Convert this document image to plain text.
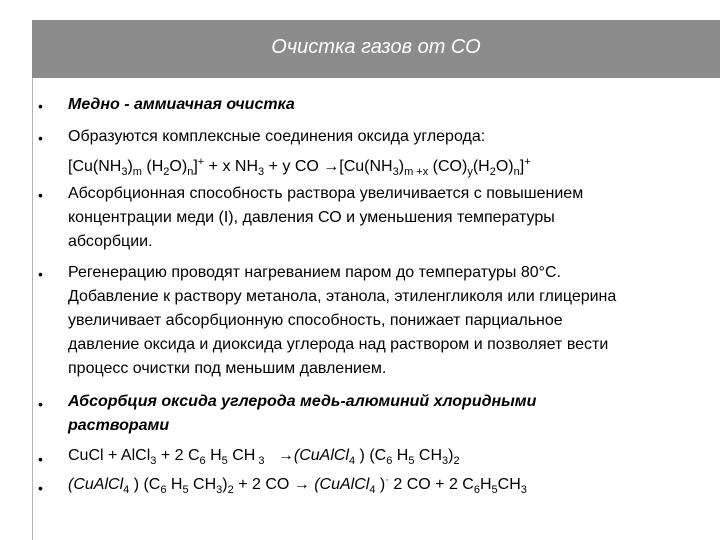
Очистка газов от СО
• Медно - аммиачная очистка
• Образуются комплексные соединения оксида углерода:
[$Cu(NH_3)_m$ $(H_2O)_n]^+ + x$ $NH_3 + y$ CO $\to[Cu(NH_3)_{m +x}$ $(CO)_y(H_2O)_n]^+$
• Абсорбционная способность раствора увеличивается с повышением
концентрации меди (I), давления СО и уменьшения температуры
абсорбции.
• Регенерацию проводят нагреванием паром до температуры 80°С.
Добавление к раствору метанола, этанола, этиленгликоля или глицерина
увеличивает абсорбционную способность, понижает парциальное
давление оксида и диоксида углерода над раствором и позволяет вести
процесс очистки под меньшим давлением.
• Абсорбция оксида углерода медь-алюминий хлоридными
растворами
• CuCl + AlCl$_3$ + 2 $C_6$ $H_5$ CH $_3$ →(CuAlCl$_4$ ) ($C_6$ $H_5$ $CH_3)_2$
• (CuAlCl$_4$ ) ($C_6$ $H_5$ $CH_3)_2 + 2$ CO → (CuAlCl$_4$ )· 2 CO + 2 $C_6H_5CH_3$
